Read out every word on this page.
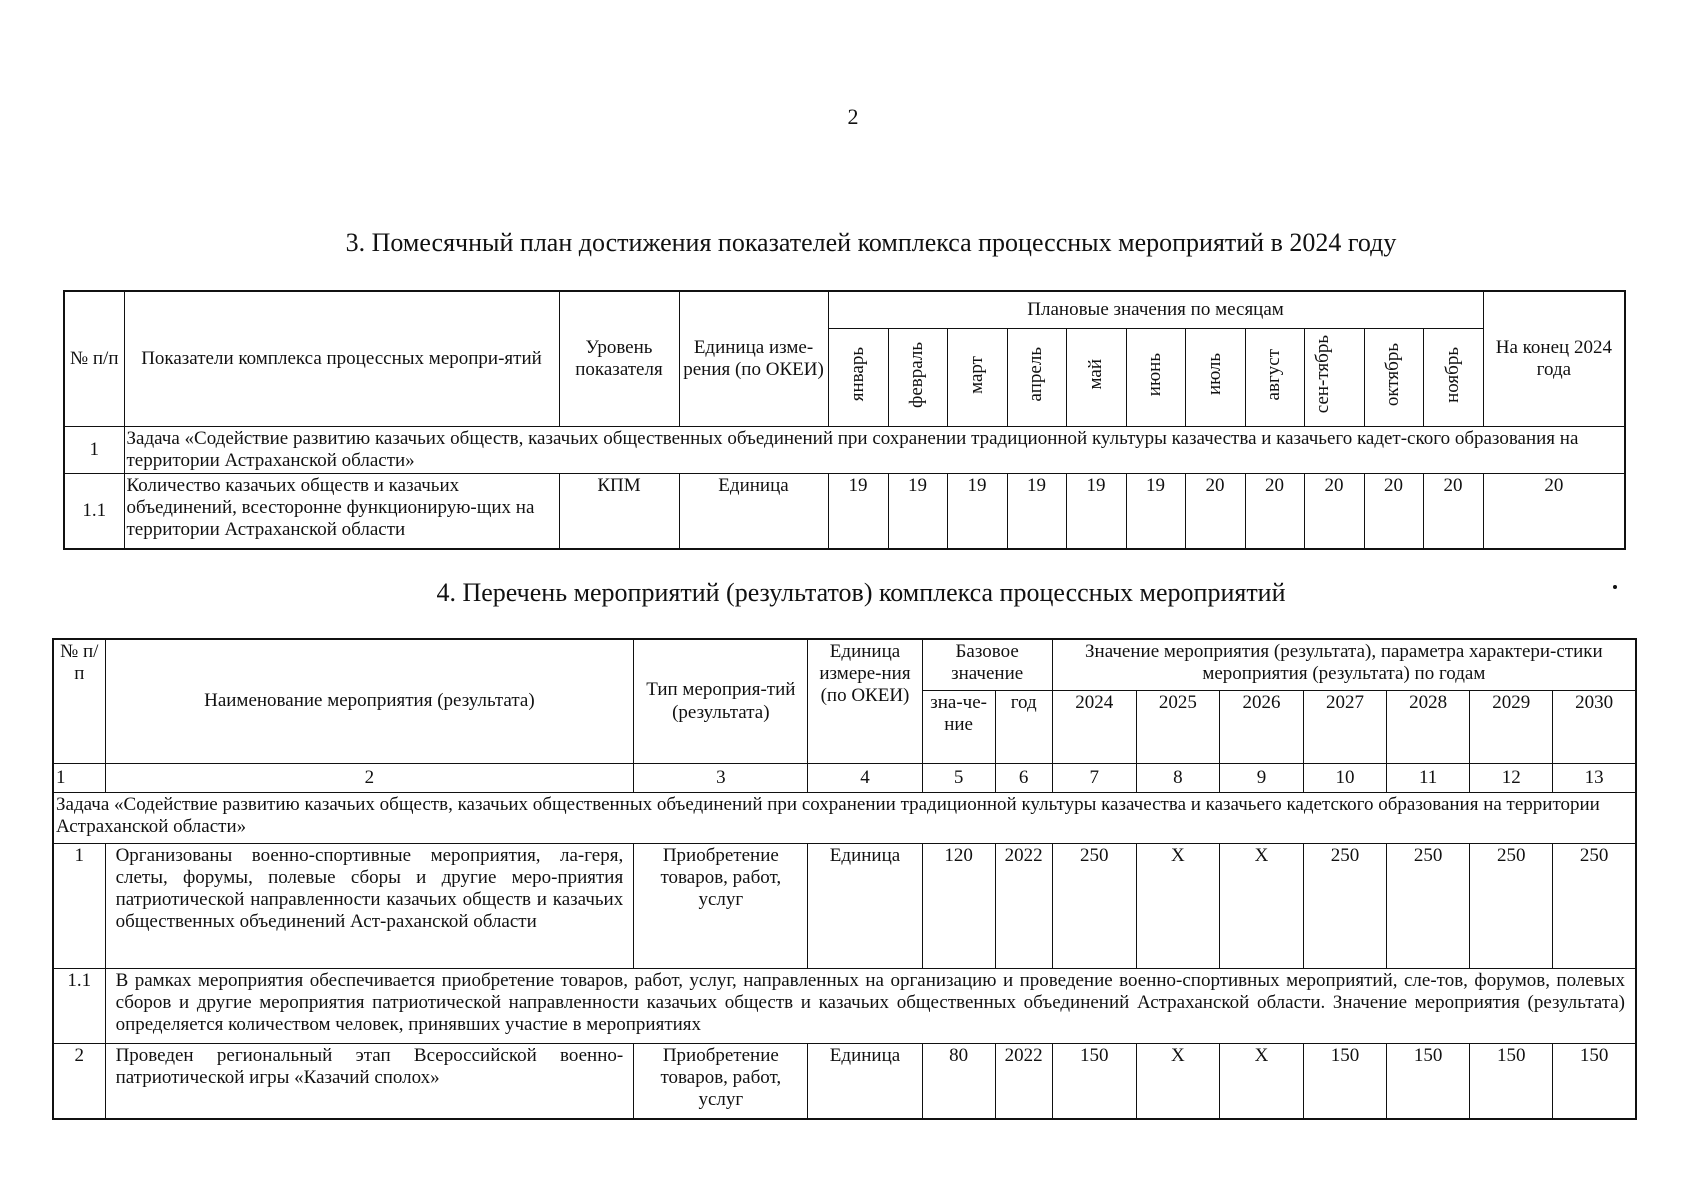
2
3. Помесячный план достижения показателей комплекса процессных мероприятий в 2024 году
№ п/п	Показатели комплекса процессных меропри-ятий	Уровень показателя	Единица изме-рения (по ОКЕИ)	Плановые значения по месяцам											На конец 2024 года
				январь	февраль	март	апрель	май	июнь	июль	август	сен-тябрь	октябрь	ноябрь	
1	Задача «Содействие развитию казачьих обществ, казачьих общественных объединений при сохранении традиционной культуры казачества и казачьего кадет-ского образования на территории Астраханской области»														
1.1	Количество казачьих обществ и казачьих объединений, всесторонне функционирую-щих на территории Астраханской области	КПМ	Единица	19	19	19	19	19	19	20	20	20	20	20	20
4. Перечень мероприятий (результатов) комплекса процессных мероприятий
№ п/п	Наименование мероприятия (результата)	Тип мероприя-тий (результата)	Единица измере-ния (по ОКЕИ)	Базовое значение		Значение мероприятия (результата), параметра характери-стики мероприятия (результата) по годам						
				зна-че-ние	год	2024	2025	2026	2027	2028	2029	2030
1	2	3	4	5	6	7	8	9	10	11	12	13
Задача «Содействие развитию казачьих обществ, казачьих общественных объединений при сохранении традиционной культуры казачества и казачьего кадетского образования на территории Астраханской области»												
1	Организованы военно-спортивные мероприятия, ла-геря, слеты, форумы, полевые сборы и другие меро-приятия патриотической направленности казачьих обществ и казачьих общественных объединений Аст-раханской области	Приобретение товаров, работ, услуг	Единица	120	2022	250	Х	Х	250	250	250	250
1.1	В рамках мероприятия обеспечивается приобретение товаров, работ, услуг, направленных на организацию и проведение военно-спортивных мероприятий, сле-тов, форумов, полевых сборов и другие мероприятия патриотической направленности казачьих обществ и казачьих общественных объединений Астраханской области. Значение мероприятия (результата) определяется количеством человек, принявших участие в мероприятиях											
2	Проведен региональный этап Всероссийской военно-патриотической игры «Казачий сполох»	Приобретение товаров, работ, услуг	Единица	80	2022	150	Х	Х	150	150	150	150
